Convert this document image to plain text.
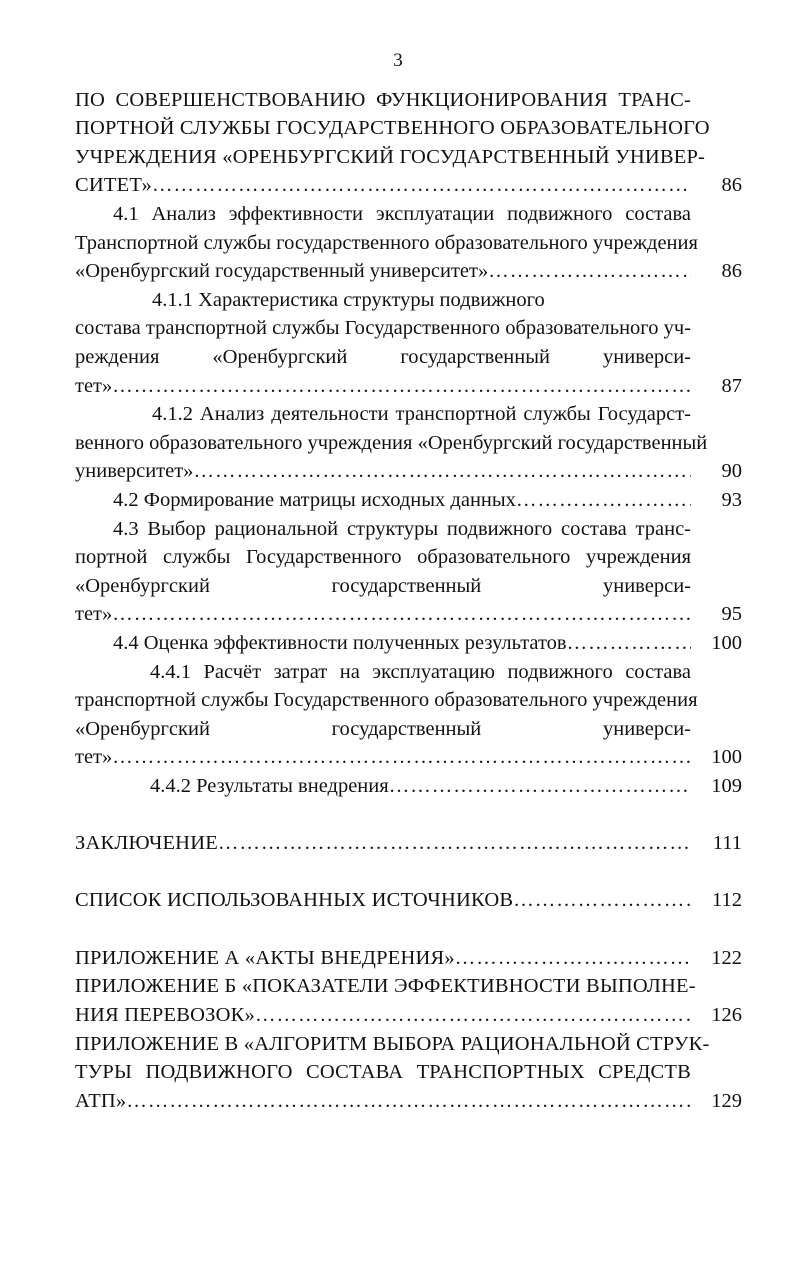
3
ПО СОВЕРШЕНСТВОВАНИЮ ФУНКЦИОНИРОВАНИЯ ТРАНС-
ПОРТНОЙ СЛУЖБЫ ГОСУДАРСТВЕННОГО ОБРАЗОВАТЕЛЬНОГО
УЧРЕЖДЕНИЯ «ОРЕНБУРГСКИЙ ГОСУДАРСТВЕННЫЙ УНИВЕР-
СИТЕТ» ……………………………………………………………………………………………………………………………………………………………………………	86
4.1 Анализ эффективности эксплуатации подвижного состава
Транспортной службы государственного образовательного учреждения
«Оренбургский государственный университет» ……………………………………………………………………………………………………………………………………………………………………………	86
4.1.1 Характеристика структуры подвижного
состава транспортной службы Государственного образовательного уч-
реждения «Оренбургский государственный универси-
тет» ……………………………………………………………………………………………………………………………………………………………………………	87
4.1.2 Анализ деятельности транспортной службы Государст-
венного образовательного учреждения «Оренбургский государственный
университет» ……………………………………………………………………………………………………………………………………………………………………………	90
4.2 Формирование матрицы исходных данных ……………………………………………………………………………………………………………………………………………………………………………	93
4.3 Выбор рациональной структуры подвижного состава транс-
портной службы Государственного образовательного учреждения
«Оренбургский государственный универси-
тет» ……………………………………………………………………………………………………………………………………………………………………………	95
4.4 Оценка эффективности полученных результатов ……………………………………………………………………………………………………………………………………………………………………………	100
4.4.1 Расчёт затрат на эксплуатацию подвижного состава
транспортной службы Государственного образовательного учреждения
«Оренбургский государственный универси-
тет» ……………………………………………………………………………………………………………………………………………………………………………	100
4.4.2 Результаты внедрения ……………………………………………………………………………………………………………………………………………………………………………	109
ЗАКЛЮЧЕНИЕ ……………………………………………………………………………………………………………………………………………………………………………	111
СПИСОК ИСПОЛЬЗОВАННЫХ ИСТОЧНИКОВ ……………………………………………………………………………………………………………………………………………………………………………	112
ПРИЛОЖЕНИЕ А «АКТЫ ВНЕДРЕНИЯ» ……………………………………………………………………………………………………………………………………………………………………………	122
ПРИЛОЖЕНИЕ Б «ПОКАЗАТЕЛИ ЭФФЕКТИВНОСТИ ВЫПОЛНЕ-
НИЯ ПЕРЕВОЗОК» ……………………………………………………………………………………………………………………………………………………………………………	126
ПРИЛОЖЕНИЕ В «АЛГОРИТМ ВЫБОРА РАЦИОНАЛЬНОЙ СТРУК-
ТУРЫ ПОДВИЖНОГО СОСТАВА ТРАНСПОРТНЫХ СРЕДСТВ
АТП» ……………………………………………………………………………………………………………………………………………………………………………	129
